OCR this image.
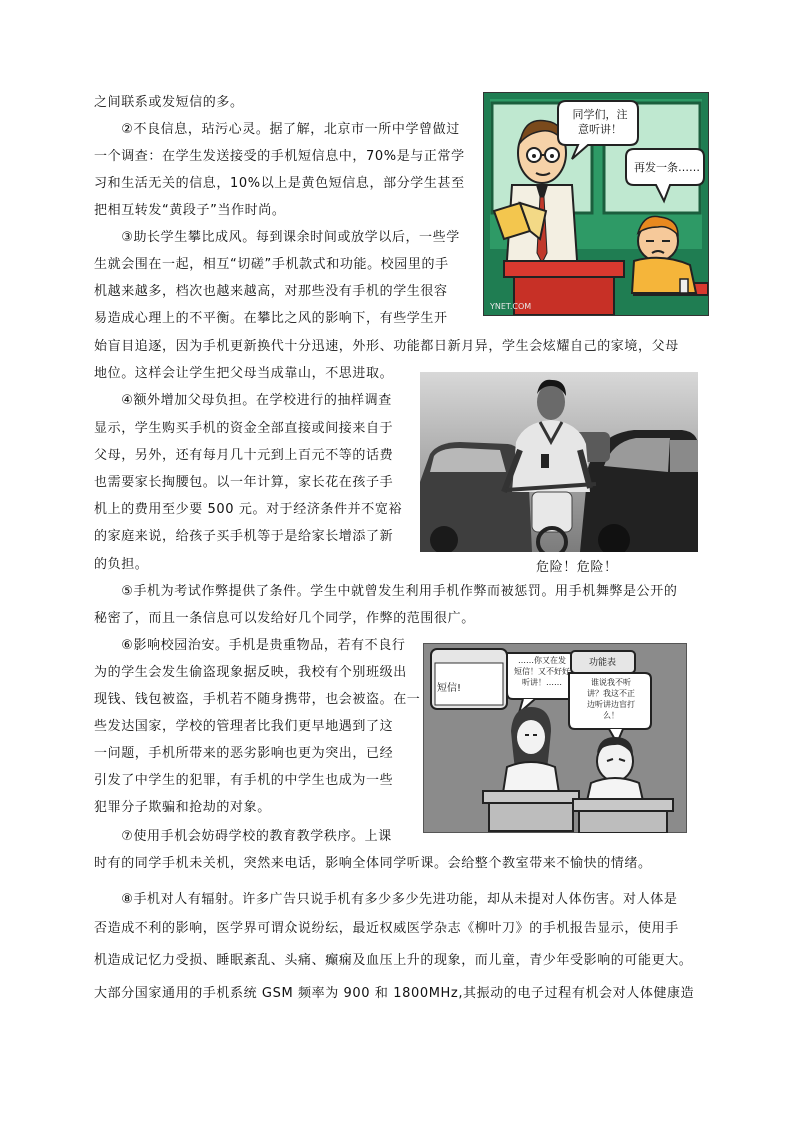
之间联系或发短信的多。
　　②不良信息，玷污心灵。据了解，北京市一所中学曾做过
一个调查：在学生发送接受的手机短信息中，70%是与正常学
习和生活无关的信息，10%以上是黄色短信息，部分学生甚至
把相互转发“黄段子”当作时尚。
　　③助长学生攀比成风。每到课余时间或放学以后，一些学
生就会围在一起，相互“切磋”手机款式和功能。校园里的手
机越来越多，档次也越来越高，对那些没有手机的学生很容
易造成心理上的不平衡。在攀比之风的影响下，有些学生开
始盲目追逐，因为手机更新换代十分迅速，外形、功能都日新月异，学生会炫耀自己的家境，父母
地位。这样会让学生把父母当成靠山，不思进取。
　　④额外增加父母负担。在学校进行的抽样调查
显示，学生购买手机的资金全部直接或间接来自于
父母，另外，还有每月几十元到上百元不等的话费
也需要家长掏腰包。以一年计算，家长花在孩子手
机上的费用至少要 500 元。对于经济条件并不宽裕
的家庭来说，给孩子买手机等于是给家长增添了新
的负担。
　　⑤手机为考试作弊提供了条件。学生中就曾发生利用手机作弊而被惩罚。用手机舞弊是公开的
秘密了，而且一条信息可以发给好几个同学，作弊的范围很广。
　　⑥影响校园治安。手机是贵重物品，若有不良行
为的学生会发生偷盗现象据反映，我校有个别班级出
现钱、钱包被盗，手机若不随身携带，也会被盗。在一
些发达国家，学校的管理者比我们更早地遇到了这
一问题，手机所带来的恶劣影响也更为突出，已经
引发了中学生的犯罪，有手机的中学生也成为一些
犯罪分子欺骗和抢劫的对象。
　　⑦使用手机会妨碍学校的教育教学秩序。上课
时有的同学手机未关机，突然来电话，影响全体同学听课。会给整个教室带来不愉快的情绪。
　　⑧手机对人有辐射。许多广告只说手机有多少多少先进功能，却从未提对人体伤害。对人体是
否造成不利的影响，医学界可谓众说纷纭，最近权威医学杂志《柳叶刀》的手机报告显示，使用手
机造成记忆力受损、睡眠紊乱、头痛、癫痫及血压上升的现象，而儿童，青少年受影响的可能更大。
大部分国家通用的手机系统 GSM 频率为 900 和 1800MHz,其振动的电子过程有机会对人体健康造
同学们，注
意听讲！
再发一条……
YNET.COM
危险！危险！
短信!
……你又在发
短信！又不好好
听讲！……
功能表
谁说我不听
讲？我这不正
边听讲边盲打
么！
